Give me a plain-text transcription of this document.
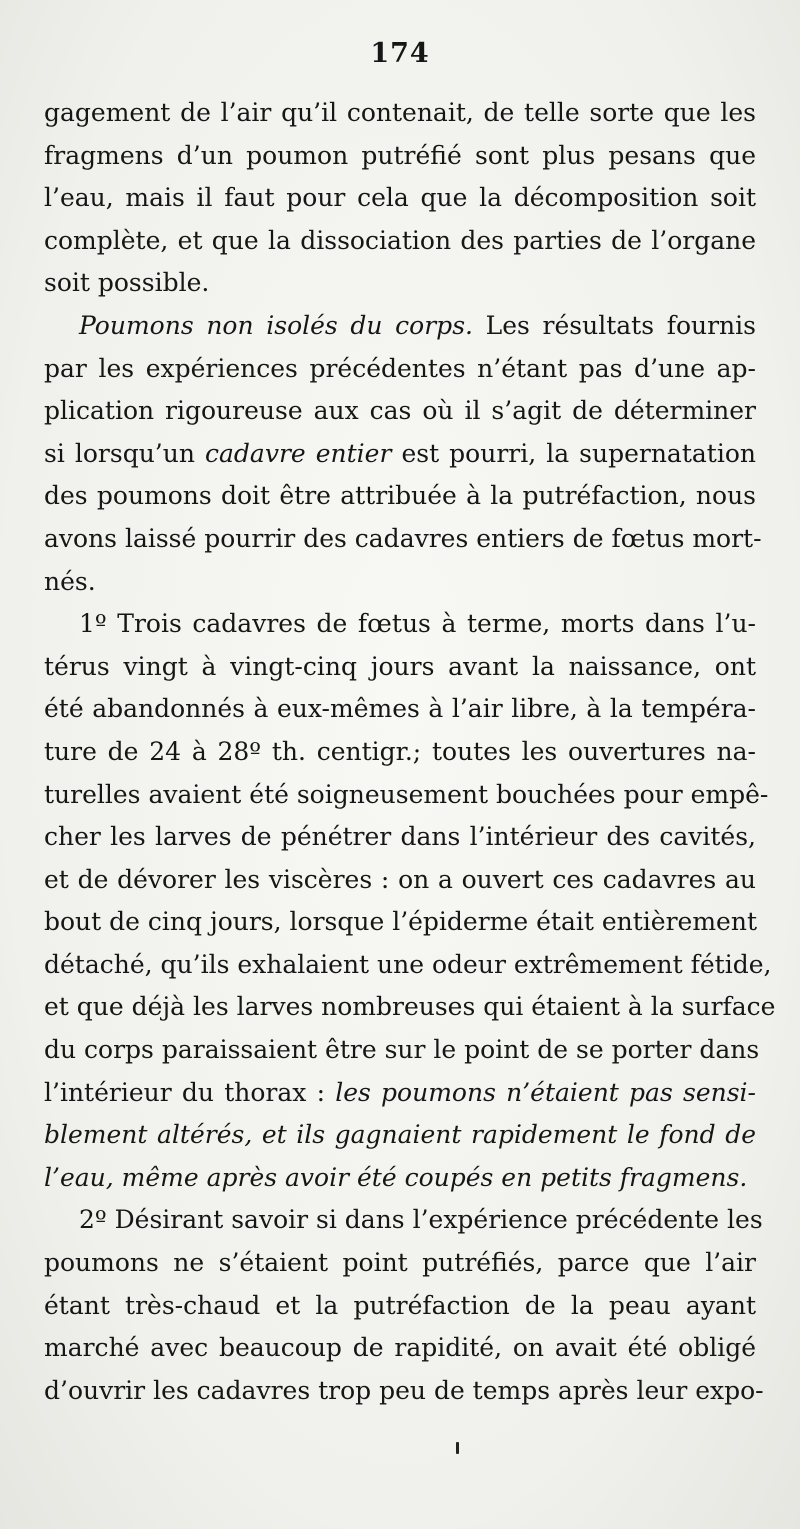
174
gagement de l’air qu’il contenait, de telle sorte que les
fragmens d’un poumon putréfié sont plus pesans que
l’eau, mais il faut pour cela que la décomposition soit
complète, et que la dissociation des parties de l’organe
soit possible.
Poumons non isolés du corps. Les résultats fournis
par les expériences précédentes n’étant pas d’une ap-
plication rigoureuse aux cas où il s’agit de déterminer
si lorsqu’un cadavre entier est pourri, la supernatation
des poumons doit être attribuée à la putréfaction, nous
avons laissé pourrir des cadavres entiers de fœtus mort-
nés.
1º Trois cadavres de fœtus à terme, morts dans l’u-
térus vingt à vingt-cinq jours avant la naissance, ont
été abandonnés à eux-mêmes à l’air libre, à la tempéra-
ture de 24 à 28º th. centigr.; toutes les ouvertures na-
turelles avaient été soigneusement bouchées pour empê-
cher les larves de pénétrer dans l’intérieur des cavités,
et de dévorer les viscères : on a ouvert ces cadavres au
bout de cinq jours, lorsque l’épiderme était entièrement
détaché, qu’ils exhalaient une odeur extrêmement fétide,
et que déjà les larves nombreuses qui étaient à la surface
du corps paraissaient être sur le point de se porter dans
l’intérieur du thorax : les poumons n’étaient pas sensi-
blement altérés, et ils gagnaient rapidement le fond de
l’eau, même après avoir été coupés en petits fragmens.
2º Désirant savoir si dans l’expérience précédente les
poumons ne s’étaient point putréfiés, parce que l’air
étant très-chaud et la putréfaction de la peau ayant
marché avec beaucoup de rapidité, on avait été obligé
d’ouvrir les cadavres trop peu de temps après leur expo-
